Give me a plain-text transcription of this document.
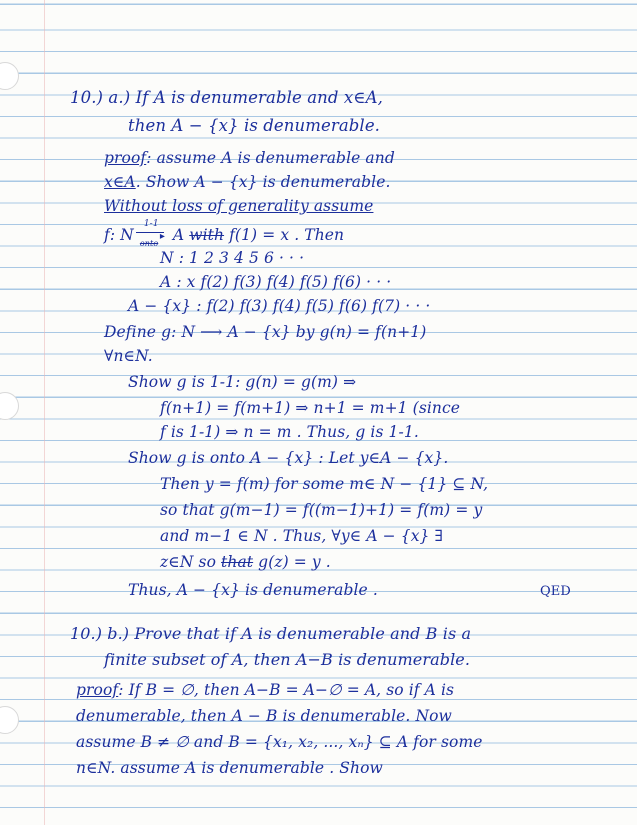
10.) a.) If A is denumerable and x∈A,
then A − {x} is denumerable.
proof: assume A is denumerable and
x∈A. Show A − {x} is denumerable.
Without loss of generality assume
f: N
1-1
▸
onto A with f(1) = x . Then
N : 1 2 3 4 5 6 · · ·
A : x f(2) f(3) f(4) f(5) f(6) · · ·
A − {x} : f(2) f(3) f(4) f(5) f(6) f(7) · · ·
Define g: N ⟶ A − {x} by g(n) = f(n+1)
∀n∈N.
Show g is 1-1: g(n) = g(m) ⇒
f(n+1) = f(m+1) ⇒ n+1 = m+1 (since
f is 1-1) ⇒ n = m . Thus, g is 1-1.
Show g is onto A − {x} : Let y∈A − {x}.
Then y = f(m) for some m∈ N − {1} ⊆ N,
so that g(m−1) = f((m−1)+1) = f(m) = y
and m−1 ∈ N . Thus, ∀y∈ A − {x} ∃
z∈N so that g(z) = y .
Thus, A − {x} is denumerable .	QED
10.) b.) Prove that if A is denumerable and B is a
finite subset of A, then A−B is denumerable.
proof: If B = ∅, then A−B = A−∅ = A, so if A is
denumerable, then A − B is denumerable. Now
assume B ≠ ∅ and B = {x₁, x₂, ..., xₙ} ⊆ A for some
n∈N. assume A is denumerable . Show
